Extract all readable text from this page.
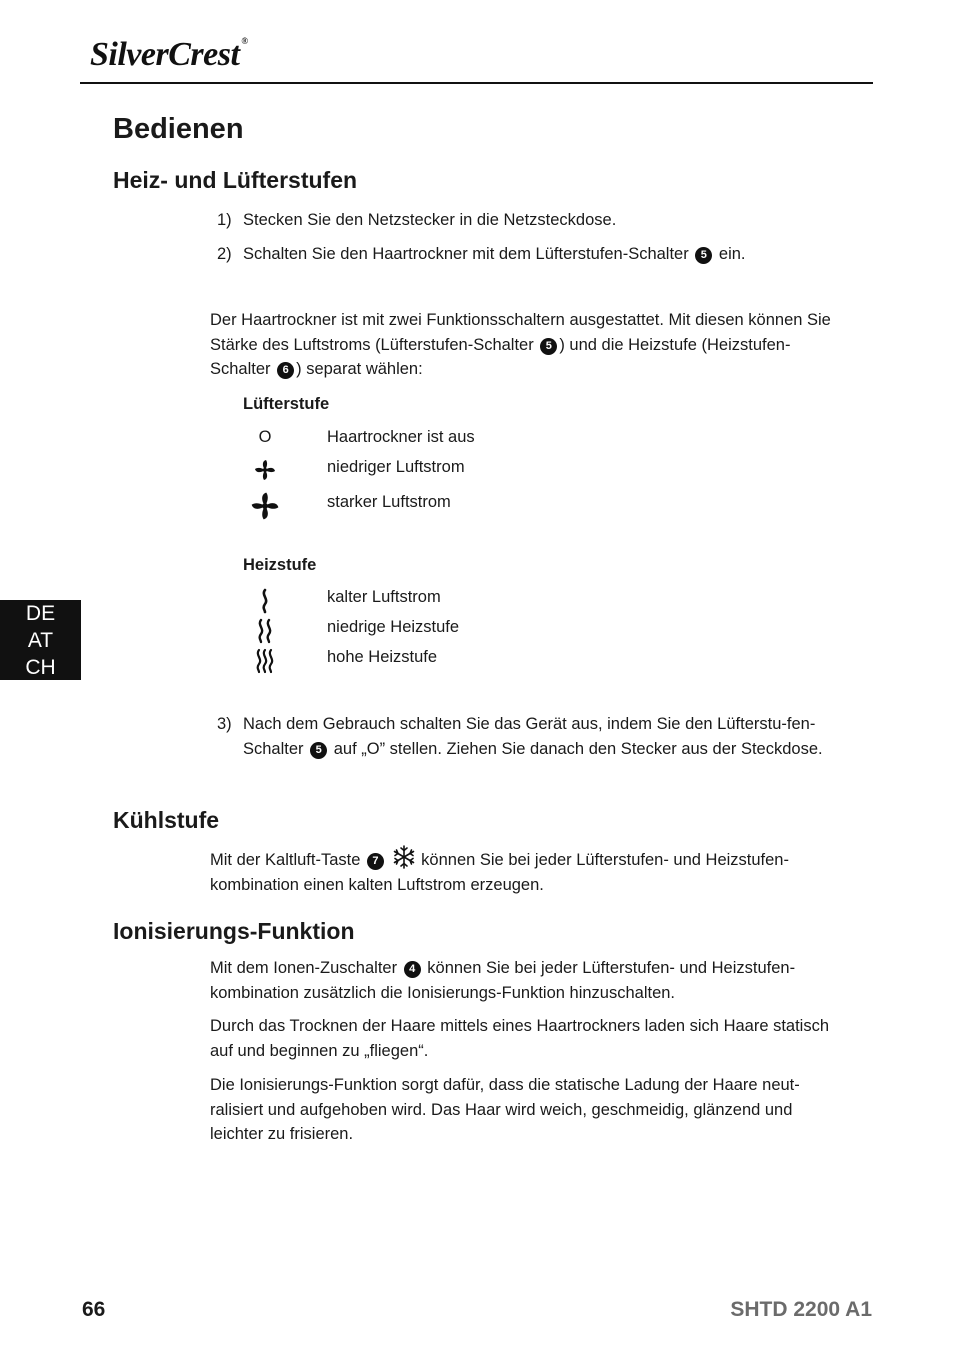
SilverCrest ®
Bedienen
Heiz- und Lüfterstufen
1) Stecken Sie den Netzstecker in die Netzsteckdose.
2) Schalten Sie den Haartrockner mit dem Lüfterstufen-Schalter 5 ein.
Der Haartrockner ist mit zwei Funktionsschaltern ausgestattet. Mit diesen können Sie Stärke des Luftstroms (Lüfterstufen-Schalter 5 ) und die Heizstufe (Heizstufen-Schalter 6 ) separat wählen:
Lüfterstufe
O	Haartrockner ist aus
niedriger Luftstrom
starker Luftstrom
Heizstufe
kalter Luftstrom
niedrige Heizstufe
hohe Heizstufe
3) Nach dem Gebrauch schalten Sie das Gerät aus, indem Sie den Lüfterstu-fen-Schalter 5 auf „O” stellen. Ziehen Sie danach den Stecker aus der Steckdose.
Kühlstufe
Mit der Kaltluft-Taste 7	können Sie bei jeder Lüfterstufen- und Heizstufen-kombination einen kalten Luftstrom erzeugen.
Ionisierungs-Funktion
Mit dem Ionen-Zuschalter 4 können Sie bei jeder Lüfterstufen- und Heizstufen-kombination zusätzlich die Ionisierungs-Funktion hinzuschalten.
Durch das Trocknen der Haare mittels eines Haartrockners laden sich Haare statisch auf und beginnen zu „fliegen“.
Die Ionisierungs-Funktion sorgt dafür, dass die statische Ladung der Haare neut-ralisiert und aufgehoben wird. Das Haar wird weich, geschmeidig, glänzend und leichter zu frisieren.
DE
AT
CH
66	SHTD 2200 A1
